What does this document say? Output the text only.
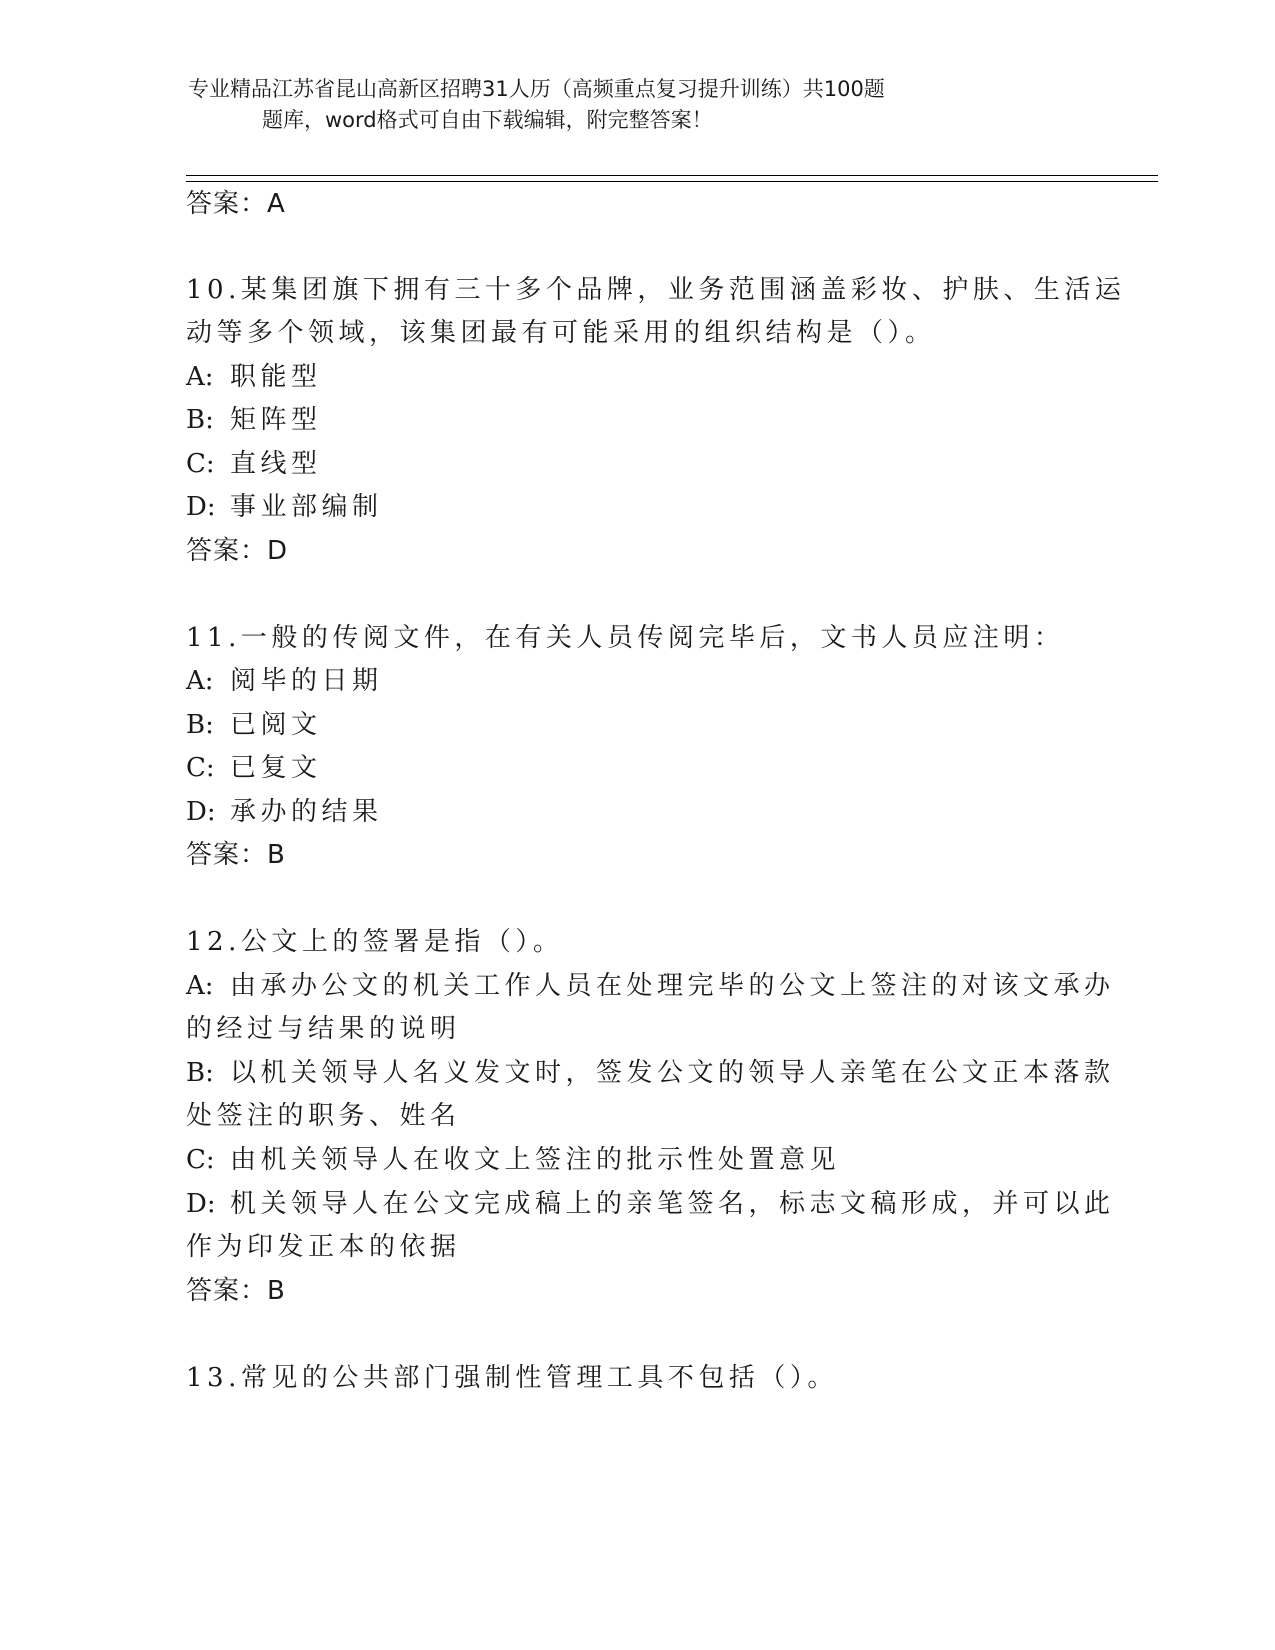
专业精品江苏省昆山高新区招聘31人历（高频重点复习提升训练）共100题
题库，word格式可自由下载编辑，附完整答案！
答案：A
10.某集团旗下拥有三十多个品牌，业务范围涵盖彩妆、护肤、生活运
动等多个领域，该集团最有可能采用的组织结构是（）。
A: 职能型
B: 矩阵型
C: 直线型
D: 事业部编制
答案：D
11.一般的传阅文件，在有关人员传阅完毕后，文书人员应注明：
A: 阅毕的日期
B: 已阅文
C: 已复文
D: 承办的结果
答案：B
12.公文上的签署是指（）。
A: 由承办公文的机关工作人员在处理完毕的公文上签注的对该文承办
的经过与结果的说明
B: 以机关领导人名义发文时，签发公文的领导人亲笔在公文正本落款
处签注的职务、姓名
C: 由机关领导人在收文上签注的批示性处置意见
D: 机关领导人在公文完成稿上的亲笔签名，标志文稿形成，并可以此
作为印发正本的依据
答案：B
13.常见的公共部门强制性管理工具不包括（）。
